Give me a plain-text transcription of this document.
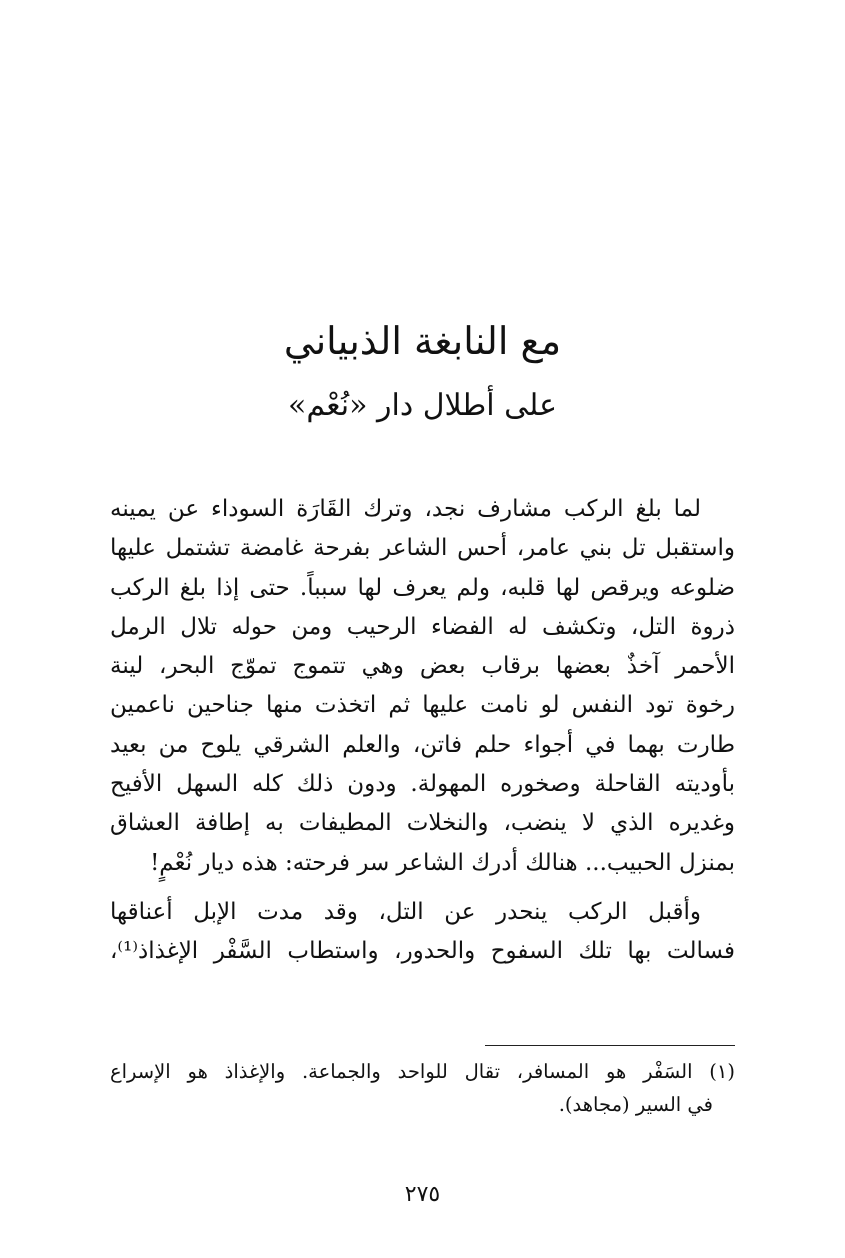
مع النابغة الذبياني
على أطلال دار «نُعْم»

لما بلغ الركب مشارف نجد، وترك القَارَة السوداء عن يمينه
واستقبل تل بني عامر، أحس الشاعر بفرحة غامضة تشتمل عليها
ضلوعه ويرقص لها قلبه، ولم يعرف لها سبباً. حتى إذا بلغ الركب
ذروة التل، وتكشف له الفضاء الرحيب ومن حوله تلال الرمل
الأحمر آخذٌ بعضها برقاب بعض وهي تتموج تموّج البحر، لينة
رخوة تود النفس لو نامت عليها ثم اتخذت منها جناحين ناعمين
طارت بهما في أجواء حلم فاتن، والعلم الشرقي يلوح من بعيد
بأوديته القاحلة وصخوره المهولة. ودون ذلك كله السهل الأفيح
وغديره الذي لا ينضب، والنخلات المطيفات به إطافة العشاق
بمنزل الحبيب... هنالك أدرك الشاعر سر فرحته: هذه ديار نُعْمٍ!

وأقبل الركب ينحدر عن التل، وقد مدت الإبل أعناقها
فسالت بها تلك السفوح والحدور، واستطاب السَّفْر الإغذاذ⁽¹⁾،

(١) السَفْر هو المسافر، تقال للواحد والجماعة. والإغذاذ هو الإسراع
في السير (مجاهد).
٢٧٥
